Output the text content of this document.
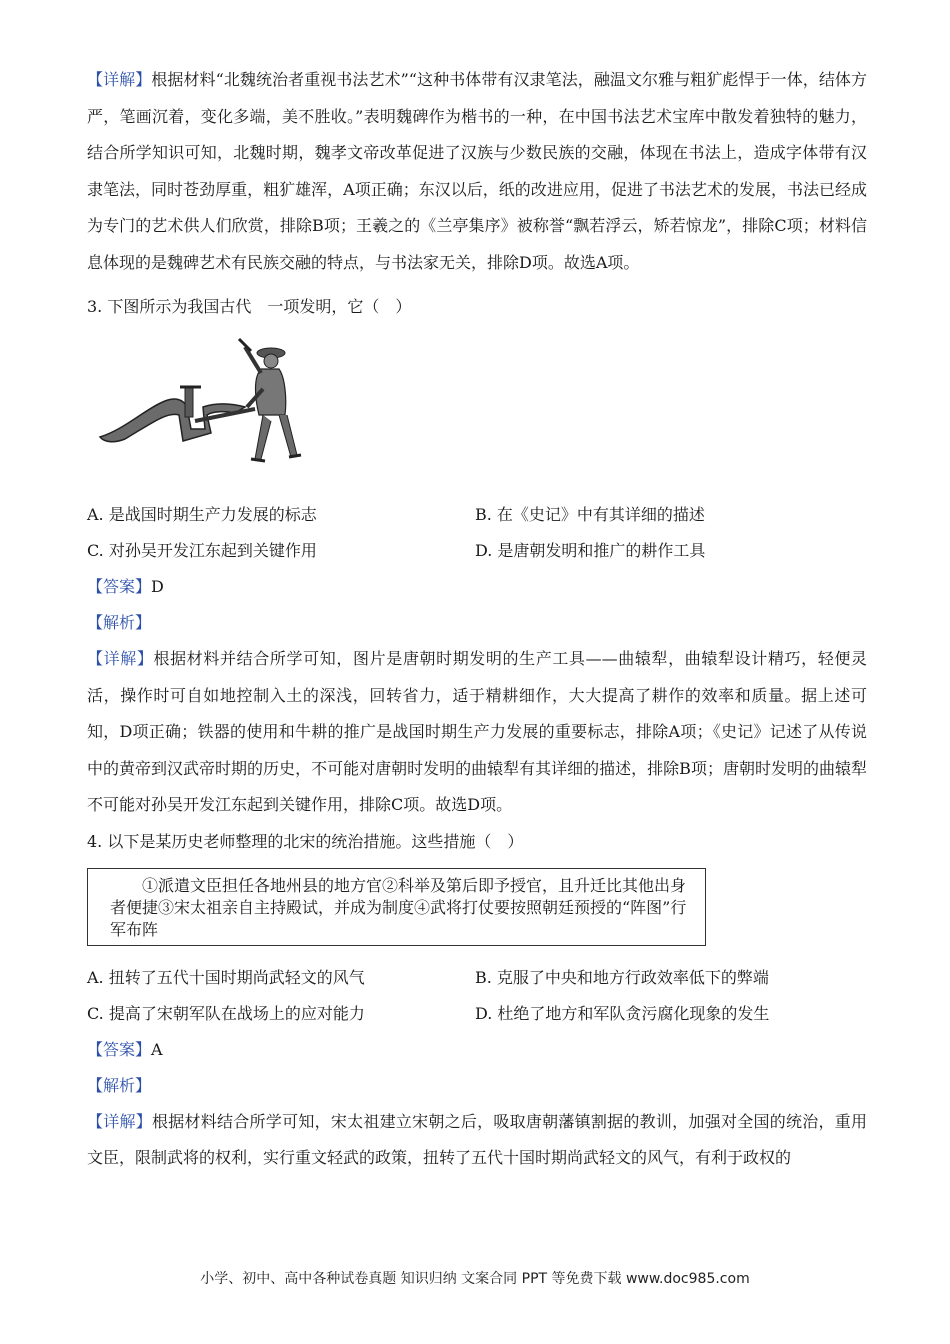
【详解】根据材料“北魏统治者重视书法艺术”“这种书体带有汉隶笔法，融温文尔雅与粗犷彪悍于一体，结体方严，笔画沉着，变化多端，美不胜收。”表明魏碑作为楷书的一种，在中国书法艺术宝库中散发着独特的魅力，结合所学知识可知，北魏时期，魏孝文帝改革促进了汉族与少数民族的交融，体现在书法上，造成字体带有汉隶笔法，同时苍劲厚重，粗犷雄浑，A项正确；东汉以后，纸的改进应用，促进了书法艺术的发展，书法已经成为专门的艺术供人们欣赏，排除B项；王羲之的《兰亭集序》被称誉“飘若浮云，矫若惊龙”，排除C项；材料信息体现的是魏碑艺术有民族交融的特点，与书法家无关，排除D项。故选A项。

3. 下图所示为我国古代　一项发明，它（　）

A. 是战国时期生产力发展的标志	B. 在《史记》中有其详细的描述
C. 对孙吴开发江东起到关键作用	D. 是唐朝发明和推广的耕作工具

【答案】D

【解析】

【详解】根据材料并结合所学可知，图片是唐朝时期发明的生产工具——曲辕犁，曲辕犁设计精巧，轻便灵活，操作时可自如地控制入土的深浅，回转省力，适于精耕细作，大大提高了耕作的效率和质量。据上述可知，D项正确；铁器的使用和牛耕的推广是战国时期生产力发展的重要标志，排除A项；《史记》记述了从传说中的黄帝到汉武帝时期的历史，不可能对唐朝时发明的曲辕犁有其详细的描述，排除B项；唐朝时发明的曲辕犁不可能对孙吴开发江东起到关键作用，排除C项。故选D项。

4. 以下是某历史老师整理的北宋的统治措施。这些措施（　）

①派遣文臣担任各地州县的地方官②科举及第后即予授官，且升迁比其他出身者便捷③宋太祖亲自主持殿试，并成为制度④武将打仗要按照朝廷预授的“阵图”行军布阵
A. 扭转了五代十国时期尚武轻文的风气	B. 克服了中央和地方行政效率低下的弊端
C. 提高了宋朝军队在战场上的应对能力	D. 杜绝了地方和军队贪污腐化现象的发生

【答案】A

【解析】

【详解】根据材料结合所学可知，宋太祖建立宋朝之后，吸取唐朝藩镇割据的教训，加强对全国的统治，重用文臣，限制武将的权利，实行重文轻武的政策，扭转了五代十国时期尚武轻文的风气，有利于政权的

小学、初中、高中各种试卷真题 知识归纳 文案合同 PPT 等免费下载 www.doc985.com
